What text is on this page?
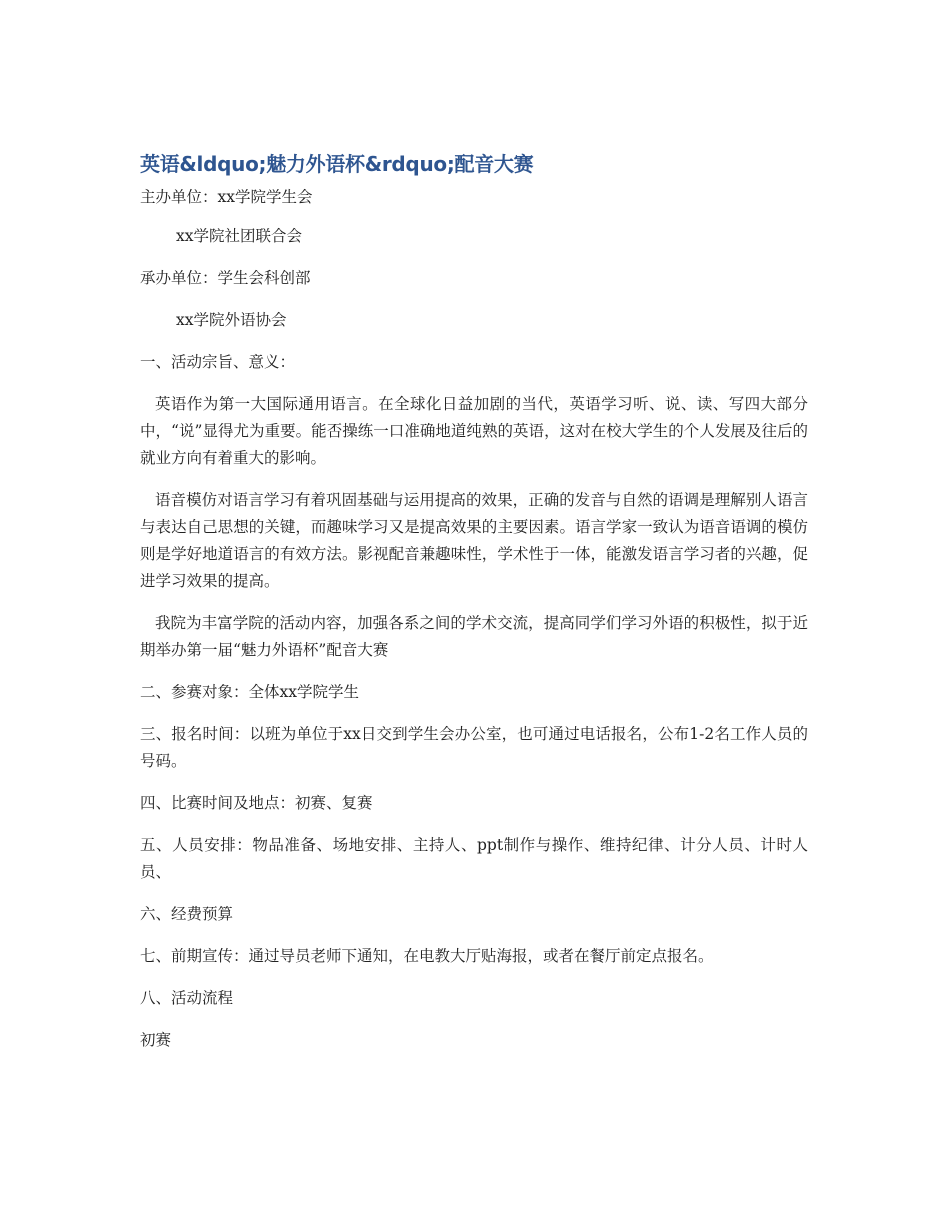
英语&ldquo;魅力外语杯&rdquo;配音大赛

主办单位：xx学院学生会

xx学院社团联合会

承办单位：学生会科创部

xx学院外语协会

一、活动宗旨、意义：

英语作为第一大国际通用语言。在全球化日益加剧的当代，英语学习听、说、读、写四大部分中，“说”显得尤为重要。能否操练一口准确地道纯熟的英语，这对在校大学生的个人发展及往后的就业方向有着重大的影响。

语音模仿对语言学习有着巩固基础与运用提高的效果，正确的发音与自然的语调是理解别人语言与表达自己思想的关键，而趣味学习又是提高效果的主要因素。语言学家一致认为语音语调的模仿则是学好地道语言的有效方法。影视配音兼趣味性，学术性于一体，能激发语言学习者的兴趣，促进学习效果的提高。

我院为丰富学院的活动内容，加强各系之间的学术交流，提高同学们学习外语的积极性，拟于近期举办第一届“魅力外语杯”配音大赛

二、参赛对象：全体xx学院学生

三、报名时间：以班为单位于xx日交到学生会办公室，也可通过电话报名，公布1-2名工作人员的号码。

四、比赛时间及地点：初赛、复赛

五、人员安排：物品准备、场地安排、主持人、ppt制作与操作、维持纪律、计分人员、计时人员、

六、经费预算

七、前期宣传：通过导员老师下通知，在电教大厅贴海报，或者在餐厅前定点报名。

八、活动流程

初赛
